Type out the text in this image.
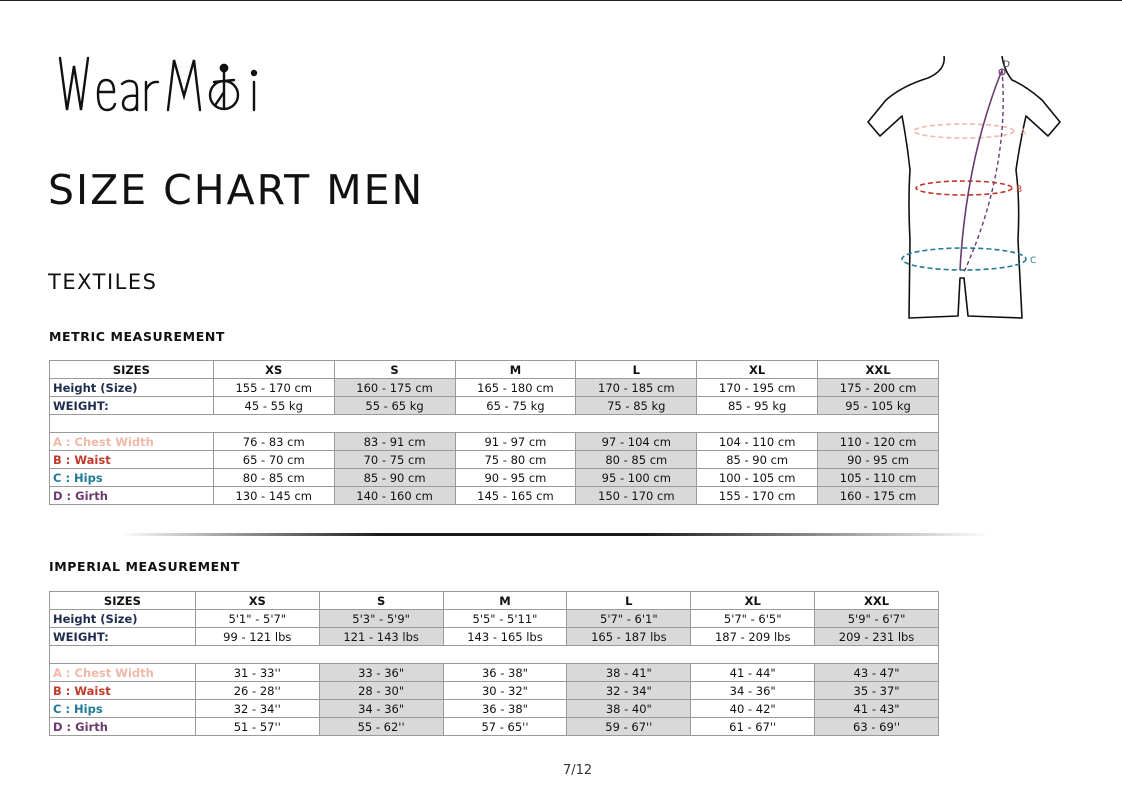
SIZE CHART MEN
TEXTILES
A
B
C
D
METRIC MEASUREMENT
SIZES	XS	S	M	L	XL	XXL
Height (Size)	155 - 170 cm	160 - 175 cm	165 - 180 cm	170 - 185 cm	170 - 195 cm	175 - 200 cm
WEIGHT:	45 - 55 kg	55 - 65 kg	65 - 75 kg	75 - 85 kg	85 - 95 kg	95 - 105 kg

A : Chest Width	76 - 83 cm	83 - 91 cm	91 - 97 cm	97 - 104 cm	104 - 110 cm	110 - 120 cm
B : Waist	65 - 70 cm	70 - 75 cm	75 - 80 cm	80 - 85 cm	85 - 90 cm	90 - 95 cm
C : Hips	80 - 85 cm	85 - 90 cm	90 - 95 cm	95 - 100 cm	100 - 105 cm	105 - 110 cm
D : Girth	130 - 145 cm	140 - 160 cm	145 - 165 cm	150 - 170 cm	155 - 170 cm	160 - 175 cm
IMPERIAL MEASUREMENT
SIZES	XS	S	M	L	XL	XXL
Height (Size)	5'1" - 5'7"	5'3" - 5'9"	5'5" - 5'11"	5'7" - 6'1"	5'7" - 6'5"	5'9" - 6'7"
WEIGHT:	99 - 121 lbs	121 - 143 lbs	143 - 165 lbs	165 - 187 lbs	187 - 209 lbs	209 - 231 lbs

A : Chest Width	31 - 33''	33 - 36"	36 - 38"	38 - 41"	41 - 44"	43 - 47"
B : Waist	26 - 28''	28 - 30"	30 - 32"	32 - 34"	34 - 36"	35 - 37"
C : Hips	32 - 34''	34 - 36"	36 - 38"	38 - 40"	40 - 42"	41 - 43"
D : Girth	51 - 57''	55 - 62''	57 - 65''	59 - 67''	61 - 67''	63 - 69''
7/12
